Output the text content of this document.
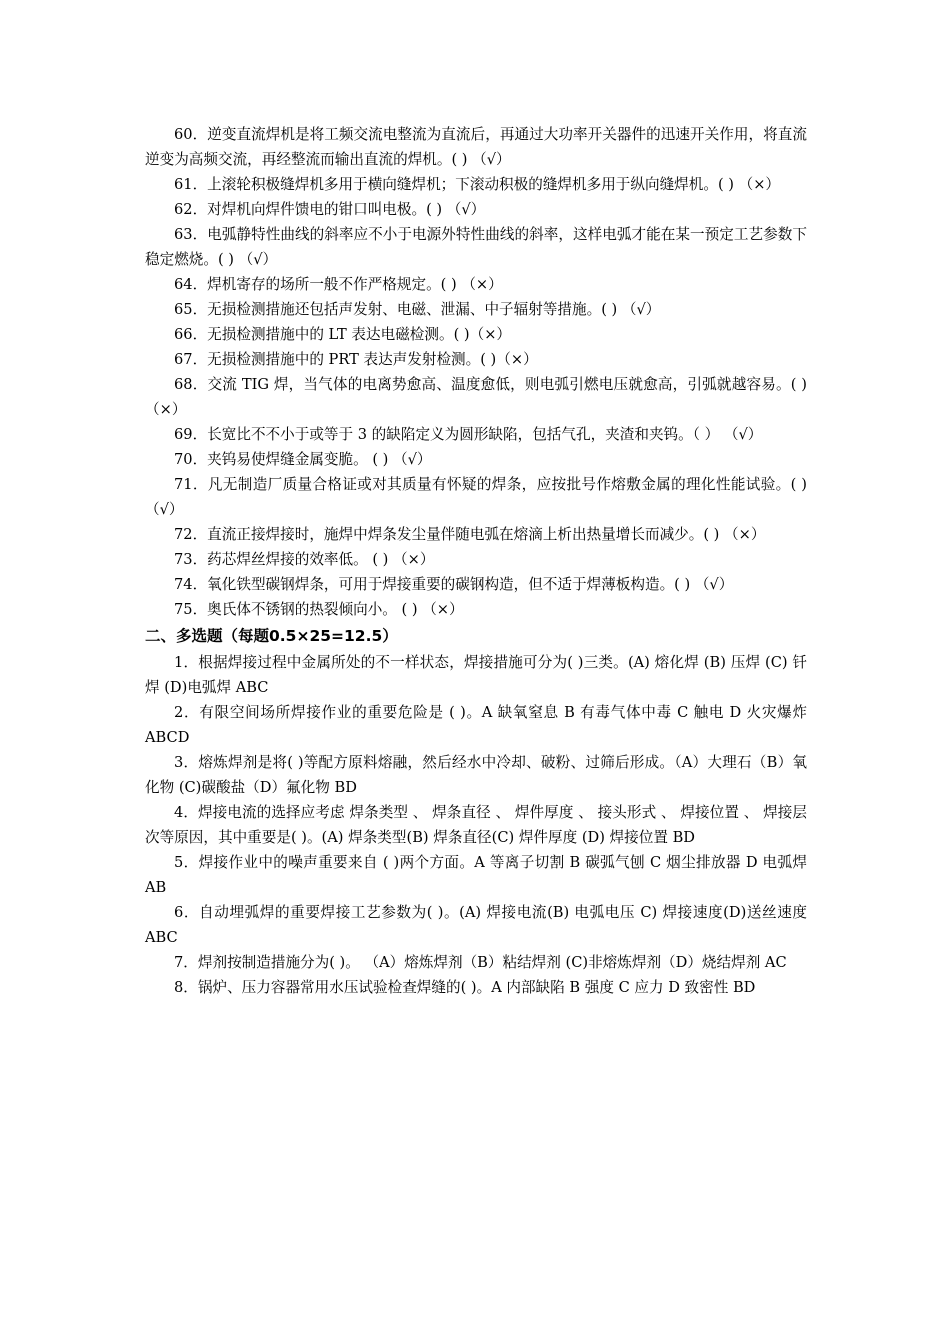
60．逆变直流焊机是将工频交流电整流为直流后，再通过大功率开关器件的迅速开关作用，将直流逆变为高频交流，再经整流而输出直流的焊机。( ) （√）

61．上滚轮积极缝焊机多用于横向缝焊机；下滚动积极的缝焊机多用于纵向缝焊机。( ) （×）

62．对焊机向焊件馈电的钳口叫电极。( ) （√）

63．电弧静特性曲线的斜率应不小于电源外特性曲线的斜率，这样电弧才能在某一预定工艺参数下稳定燃烧。( ) （√）

64．焊机寄存的场所一般不作严格规定。( ) （×）

65．无损检测措施还包括声发射、电磁、泄漏、中子辐射等措施。( ) （√）

66．无损检测措施中的 LT 表达电磁检测。( )（×）

67．无损检测措施中的 PRT 表达声发射检测。( )（×）

68．交流 TIG 焊，当气体的电离势愈高、温度愈低，则电弧引燃电压就愈高，引弧就越容易。( ) （×）

69．长宽比不不小于或等于 3 的缺陷定义为圆形缺陷，包括气孔，夹渣和夹钨。（ ） （√）

70．夹钨易使焊缝金属变脆。 ( ) （√）

71．凡无制造厂质量合格证或对其质量有怀疑的焊条，应按批号作熔敷金属的理化性能试验。( ) （√）

72．直流正接焊接时，施焊中焊条发尘量伴随电弧在熔滴上析出热量增长而减少。( ) （×）

73．药芯焊丝焊接的效率低。 ( ) （×）

74．氧化铁型碳钢焊条，可用于焊接重要的碳钢构造，但不适于焊薄板构造。( ) （√）

75．奥氏体不锈钢的热裂倾向小。 ( ) （×）

二、多选题（每题0.5×25=12.5）

1．根据焊接过程中金属所处的不一样状态，焊接措施可分为( )三类。(A) 熔化焊 (B) 压焊 (C) 钎焊 (D)电弧焊 ABC

2．有限空间场所焊接作业的重要危险是 ( )。A 缺氧窒息 B 有毒气体中毒 C 触电 D 火灾爆炸 ABCD

3．熔炼焊剂是将( )等配方原料熔融，然后经水中冷却、破粉、过筛后形成。（A）大理石（B）氧化物 (C)碳酸盐（D）氟化物 BD

4．焊接电流的选择应考虑 焊条类型 、 焊条直径 、 焊件厚度 、 接头形式 、 焊接位置 、 焊接层次等原因，其中重要是( )。(A) 焊条类型(B) 焊条直径(C) 焊件厚度 (D) 焊接位置 BD

5．焊接作业中的噪声重要来自 ( )两个方面。A 等离子切割 B 碳弧气刨 C 烟尘排放器 D 电弧焊 AB

6．自动埋弧焊的重要焊接工艺参数为( )。(A) 焊接电流(B) 电弧电压 C) 焊接速度(D)送丝速度 ABC

7．焊剂按制造措施分为( )。 （A）熔炼焊剂（B）粘结焊剂 (C)非熔炼焊剂（D）烧结焊剂 AC

8．锅炉、压力容器常用水压试验检查焊缝的( )。A 内部缺陷 B 强度 C 应力 D 致密性 BD
